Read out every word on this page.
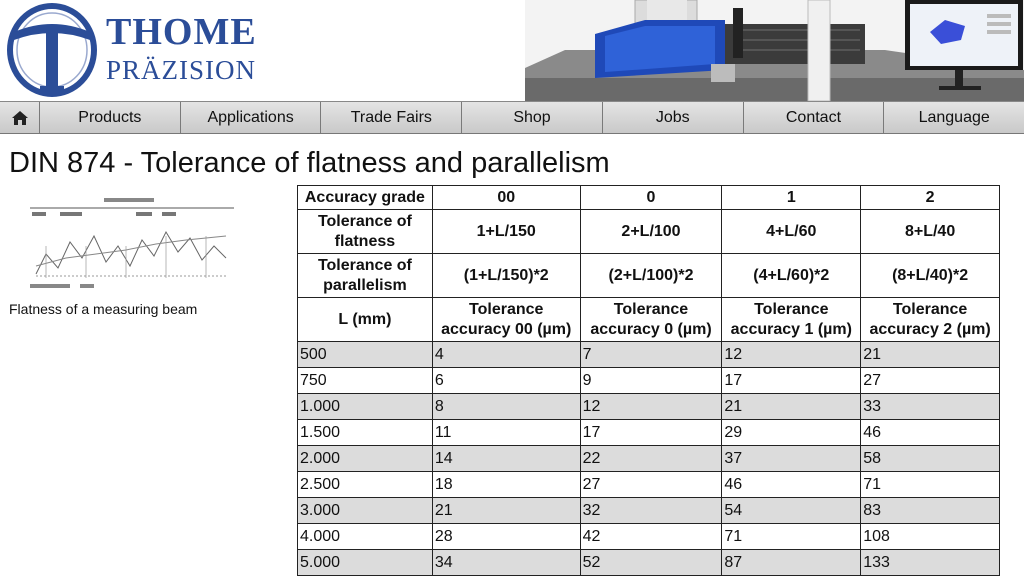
THOME
PRÄZISION
Products	Applications	Trade Fairs	Shop	Jobs	Contact	Language
DIN 874 - Tolerance of flatness and parallelism
Flatness of a measuring beam
Accuracy grade	00	0	1	2
Tolerance of flatness	1+L/150	2+L/100	4+L/60	8+L/40
Tolerance of parallelism	(1+L/150)*2	(2+L/100)*2	(4+L/60)*2	(8+L/40)*2
L (mm)	Tolerance accuracy 00 (µm)	Tolerance accuracy 0 (µm)	Tolerance accuracy 1 (µm)	Tolerance accuracy 2 (µm)
500	4	7	12	21
750	6	9	17	27
1.000	8	12	21	33
1.500	11	17	29	46
2.000	14	22	37	58
2.500	18	27	46	71
3.000	21	32	54	83
4.000	28	42	71	108
5.000	34	52	87	133
